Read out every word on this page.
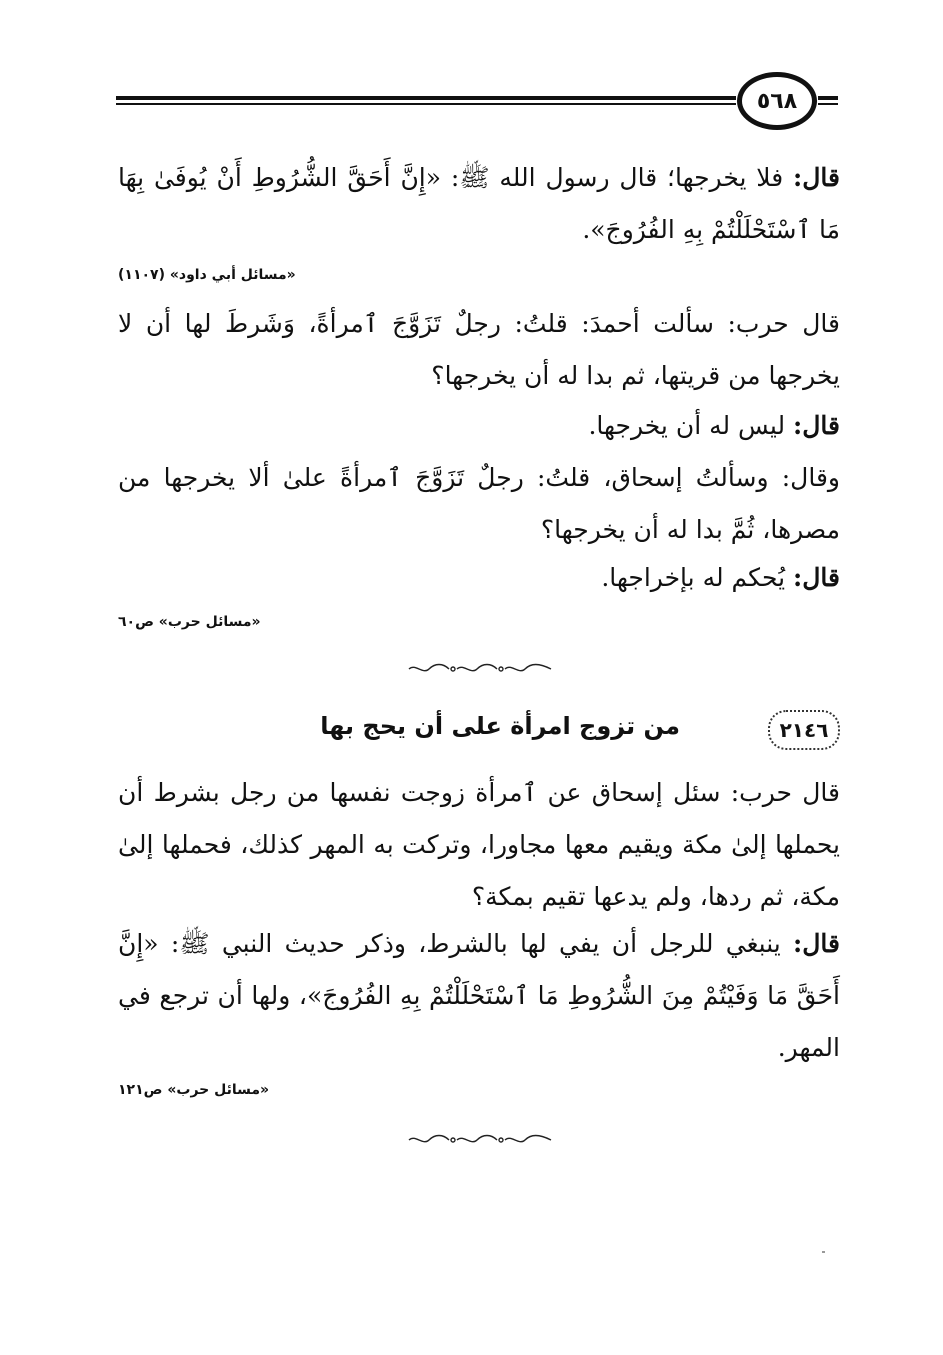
٥٦٨

قال: فلا يخرجها؛ قال رسول الله ﷺ: «إِنَّ أَحَقَّ الشُّرُوطِ أَنْ يُوفَىٰ بِهَا مَا ٱسْتَحْلَلْتُمْ بِهِ الفُرُوجَ».

«مسائل أبي داود» (١١٠٧)

قال حرب: سألت أحمدَ: قلتُ: رجلٌ تَزَوَّجَ ٱمرأةً، وَشَرطَ لها أن لا يخرجها من قريتها، ثم بدا له أن يخرجها؟

قال: ليس له أن يخرجها.

وقال: وسألتُ إسحاق، قلتُ: رجلٌ تَزَوَّجَ ٱمرأةً علىٰ ألا يخرجها من مصرها، ثُمَّ بدا له أن يخرجها؟

قال: يُحكم له بإخراجها.

«مسائل حرب» ص٦٠

٢١٤٦
من تزوج امرأة على أن يحج بها

قال حرب: سئل إسحاق عن ٱمرأة زوجت نفسها من رجل بشرط أن يحملها إلىٰ مكة ويقيم معها مجاورا، وتركت به المهر كذلك، فحملها إلىٰ مكة، ثم ردها، ولم يدعها تقيم بمكة؟

قال: ينبغي للرجل أن يفي لها بالشرط، وذكر حديث النبي ﷺ: «إِنَّ أَحَقَّ مَا وَفَيْتُمْ مِنَ الشُّرُوطِ مَا ٱسْتَحْلَلْتُمْ بِهِ الفُرُوجَ»، ولها أن ترجع في المهر.

«مسائل حرب» ص١٢١
